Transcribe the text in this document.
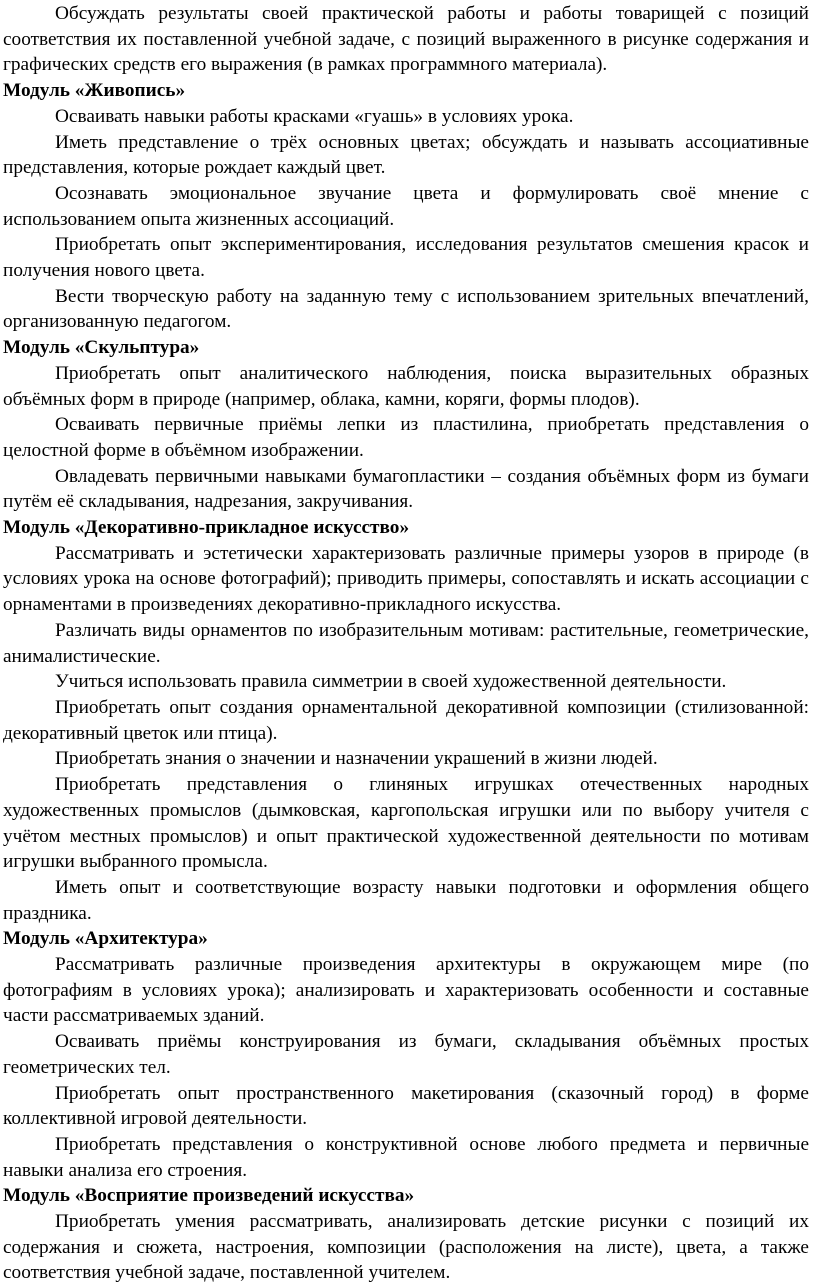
Обсуждать результаты своей практической работы и работы товарищей с позиций соответствия их поставленной учебной задаче, с позиций выраженного в рисунке содержания и графических средств его выражения (в рамках программного материала).

Модуль «Живопись»

Осваивать навыки работы красками «гуашь» в условиях урока.

Иметь представление о трёх основных цветах; обсуждать и называть ассоциативные представления, которые рождает каждый цвет.

Осознавать эмоциональное звучание цвета и формулировать своё мнение с использованием опыта жизненных ассоциаций.

Приобретать опыт экспериментирования, исследования результатов смешения красок и получения нового цвета.

Вести творческую работу на заданную тему с использованием зрительных впечатлений, организованную педагогом.

Модуль «Скульптура»

Приобретать опыт аналитического наблюдения, поиска выразительных образных объёмных форм в природе (например, облака, камни, коряги, формы плодов).

Осваивать первичные приёмы лепки из пластилина, приобретать представления о целостной форме в объёмном изображении.

Овладевать первичными навыками бумагопластики – создания объёмных форм из бумаги путём её складывания, надрезания, закручивания.

Модуль «Декоративно-прикладное искусство»

Рассматривать и эстетически характеризовать различные примеры узоров в природе (в условиях урока на основе фотографий); приводить примеры, сопоставлять и искать ассоциации с орнаментами в произведениях декоративно-прикладного искусства.

Различать виды орнаментов по изобразительным мотивам: растительные, геометрические, анималистические.

Учиться использовать правила симметрии в своей художественной деятельности.

Приобретать опыт создания орнаментальной декоративной композиции (стилизованной: декоративный цветок или птица).

Приобретать знания о значении и назначении украшений в жизни людей.

Приобретать представления о глиняных игрушках отечественных народных художественных промыслов (дымковская, каргопольская игрушки или по выбору учителя с учётом местных промыслов) и опыт практической художественной деятельности по мотивам игрушки выбранного промысла.

Иметь опыт и соответствующие возрасту навыки подготовки и оформления общего праздника.

Модуль «Архитектура»

Рассматривать различные произведения архитектуры в окружающем мире (по фотографиям в условиях урока); анализировать и характеризовать особенности и составные части рассматриваемых зданий.

Осваивать приёмы конструирования из бумаги, складывания объёмных простых геометрических тел.

Приобретать опыт пространственного макетирования (сказочный город) в форме коллективной игровой деятельности.

Приобретать представления о конструктивной основе любого предмета и первичные навыки анализа его строения.

Модуль «Восприятие произведений искусства»

Приобретать умения рассматривать, анализировать детские рисунки с позиций их содержания и сюжета, настроения, композиции (расположения на листе), цвета, а также соответствия учебной задаче, поставленной учителем.
